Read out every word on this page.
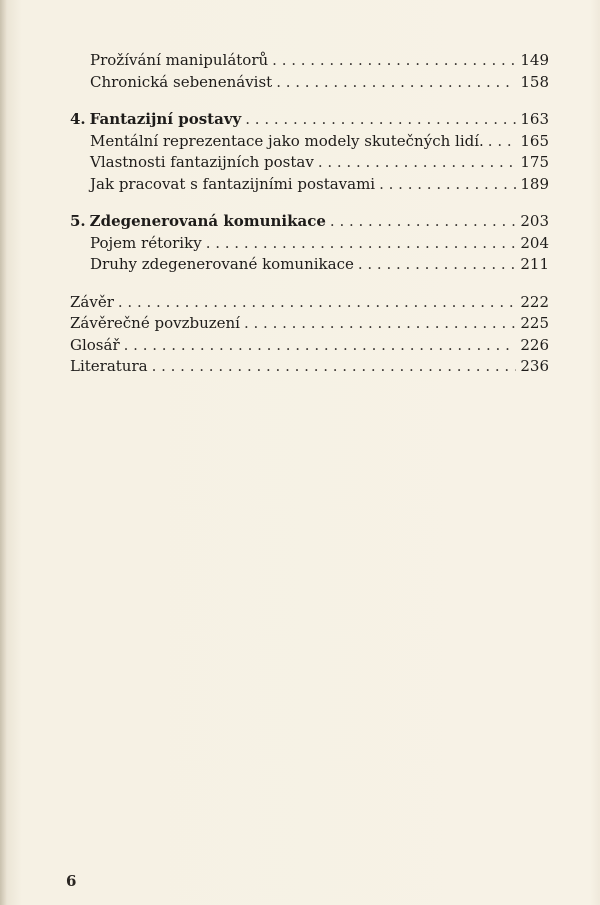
Prožívání manipulátorů . . .	149
Chronická sebenenávist . . .	158
4. Fantazijní postavy . . .	163
Mentální reprezentace jako modely skutečných lidí. . . . 165
Vlastnosti fantazijních postav . . .	175
Jak pracovat s fantazijními postavami . . .	189
5. Zdegenerovaná komunikace . . .	203
Pojem rétoriky . . .	204
Druhy zdegenerované komunikace . . .	211
Závěr . . .	222
Závěrečné povzbuzení . . .	225
Glosář . . .	226
Literatura . . .	236
6
